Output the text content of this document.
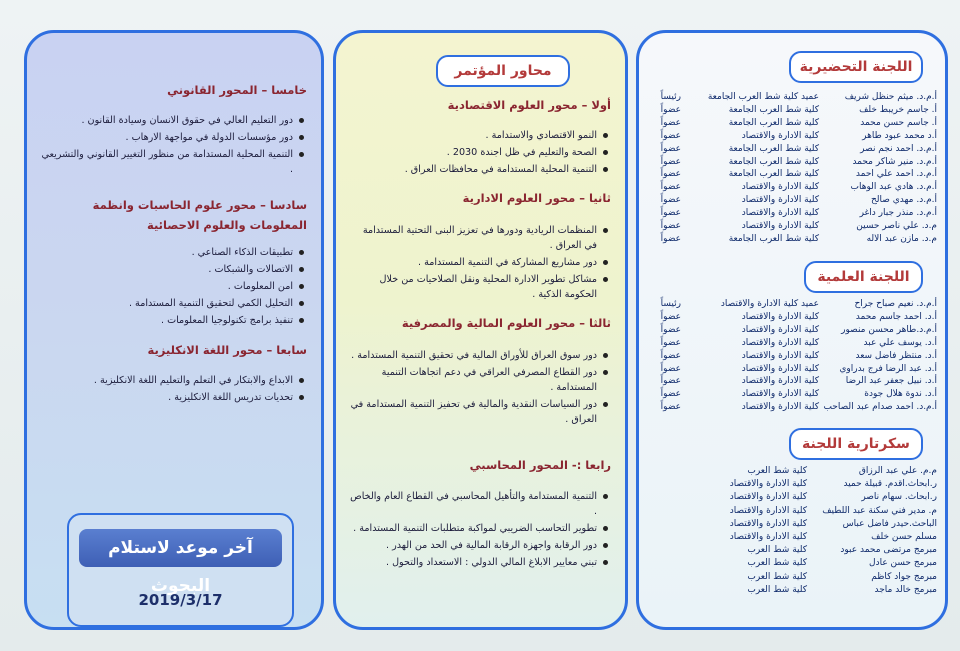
اللجنة التحضيرية
أ.م.د. ميثم حنظل شريف
عميد كلية شط العرب الجامعة
رئيساً
أ. جاسم خريبط خلف
كلية شط العرب الجامعة
عضواً
أ. جاسم حسن محمد
كلية شط العرب الجامعة
عضواً
أ.د محمد عبود طاهر
كلية الادارة والاقتصاد
عضواً
أ.م.د. احمد نجم نصر
كلية شط العرب الجامعة
عضواً
أ.م.د. منير شاكر محمد
كلية شط العرب الجامعة
عضواً
أ.م.د. احمد علي احمد
كلية شط العرب الجامعة
عضواً
أ.م.د. هادي عبد الوهاب
كلية الادارة والاقتصاد
عضواً
أ.م.د. مهدي صالح
كلية الادارة والاقتصاد
عضواً
أ.م.د. منذر جبار داغر
كلية الادارة والاقتصاد
عضواً
م.د. علي ناصر حسين
كلية الادارة والاقتصاد
عضواً
م.د. مازن عبد الاله
كلية شط العرب الجامعة
عضواً
اللجنة العلمية
أ.م.د. نعيم صباح جراح
عميد كلية الادارة والاقتصاد
رئيساً
أ.د. احمد جاسم محمد
كلية الادارة والاقتصاد
عضواً
أ.م.د.طاهر محسن منصور
كلية الادارة والاقتصاد
عضواً
أ.د. يوسف علي عبد
كلية الادارة والاقتصاد
عضواً
أ.د. منتظر فاضل سعد
كلية الادارة والاقتصاد
عضواً
أ.د. عبد الرضا فرج بدراوي
كلية الادارة والاقتصاد
عضواً
أ.د. نبيل جعفر عبد الرضا
كلية الادارة والاقتصاد
عضواً
أ.د. ندوة هلال جودة
كلية الادارة والاقتصاد
عضواً
أ.م.د. احمد صدام عبد الصاحب
كلية الادارة والاقتصاد
عضواً
سكرتارية اللجنة
م.م. علي عبد الرزاق
كلية شط العرب
ر.ابحاث.اقدم. قبيلة حميد
كلية الادارة والاقتصاد
ر.ابحاث. سهام ناصر
كلية الادارة والاقتصاد
م. مدير فني سكنة عبد اللطيف
كلية الادارة والاقتصاد
الباحث.حيدر فاضل عباس
كلية الادارة والاقتصاد
مسلم حسن خلف
كلية الادارة والاقتصاد
مبرمج مرتضى محمد عبود
كلية شط العرب
مبرمج حسن عادل
كلية شط العرب
مبرمج جواد كاظم
كلية شط العرب
مبرمج خالد ماجد
كلية شط العرب
محاور المؤتمر
أولا – محور العلوم الاقتصادية
النمو الاقتصادي والاستدامة .
الصحة والتعليم في ظل اجندة 2030 .
التنمية المحلية المستدامة في محافظات العراق .
ثانيا – محور العلوم الادارية
المنظمات الريادية ودورها في تعزيز البنى التحتية المستدامة في العراق .
دور مشاريع المشاركة في التنمية المستدامة .
مشاكل تطوير الادارة المحلية ونقل الصلاحيات من خلال الحكومة الذكية .
ثالثا – محور العلوم المالية والمصرفية
دور سوق العراق للأوراق المالية في تحقيق التنمية المستدامة .
دور القطاع المصرفي العراقي في دعم اتجاهات التنمية المستدامة .
دور السياسات النقدية والمالية في تحفيز التنمية المستدامة في العراق .
رابعا :- المحور المحاسبي
التنمية المستدامة والتأهيل المحاسبي في القطاع العام والخاص .
تطوير التحاسب الضريبي لمواكبة متطلبات التنمية المستدامة .
دور الرقابة واجهزة الرقابة المالية في الحد من الهدر .
تبني معايير الابلاغ المالي الدولي : الاستعداد والتحول .
خامسا – المحور القانوني
دور التعليم العالي في حقوق الانسان وسيادة القانون .
دور مؤسسات الدولة في مواجهة الارهاب .
التنمية المحلية المستدامة من منظور التغيير القانوني والتشريعي .
سادسا – محور علوم الحاسبات وانظمة المعلومات والعلوم الاحصائية
تطبيقات الذكاء الصناعي .
الاتصالات والشبكات .
امن المعلومات .
التحليل الكمي لتحقيق التنمية المستدامة .
تنفيذ برامج تكنولوجيا المعلومات .
سابعا – محور اللغة الانكليزية
الابداع والابتكار في التعلم والتعليم اللغة الانكليزية .
تحديات تدريس اللغة الانكليزية .
آخر موعد لاستلام البحوث
2019/3/17
